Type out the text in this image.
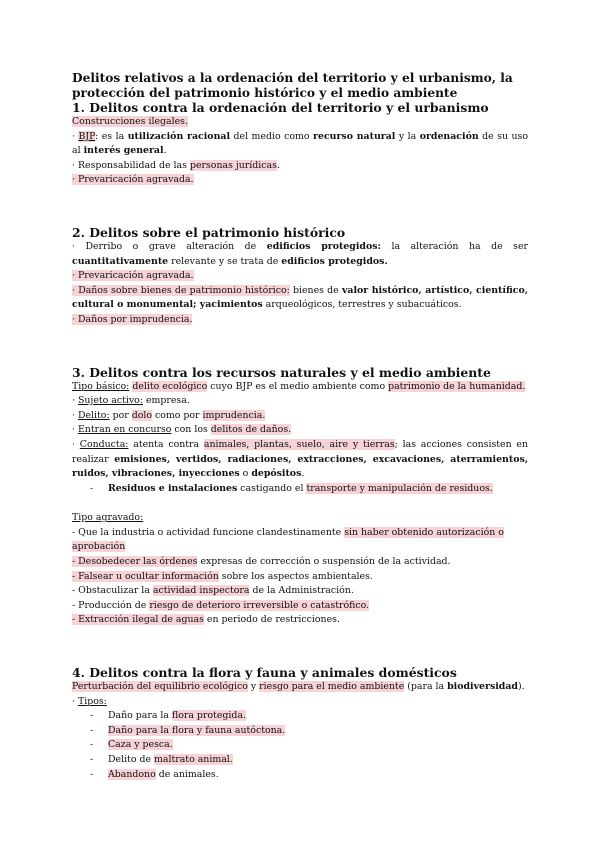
Delitos relativos a la ordenación del territorio y el urbanismo, la protección del patrimonio histórico y el medio ambiente

1. Delitos contra la ordenación del territorio y el urbanismo

Construcciones ilegales.

· BJP: es la utilización racional del medio como recurso natural y la ordenación de su uso al interés general.

· Responsabilidad de las personas jurídicas.

· Prevaricación agravada.

2. Delitos sobre el patrimonio histórico

· Derribo o grave alteración de edificios protegidos: la alteración ha de ser cuantitativamente relevante y se trata de edificios protegidos.

· Prevaricación agravada.

· Daños sobre bienes de patrimonio histórico: bienes de valor histórico, artístico, científico, cultural o monumental; yacimientos arqueológicos, terrestres y subacuáticos.

· Daños por imprudencia.

3. Delitos contra los recursos naturales y el medio ambiente

Tipo básico: delito ecológico cuyo BJP es el medio ambiente como patrimonio de la humanidad.

· Sujeto activo: empresa.

· Delito: por dolo como por imprudencia.

· Entran en concurso con los delitos de daños.

· Conducta: atenta contra animales, plantas, suelo, aire y tierras; las acciones consisten en realizar emisiones, vertidos, radiaciones, extracciones, excavaciones, aterramientos, ruidos, vibraciones, inyecciones o depósitos.

-	Residuos e instalaciones castigando el transporte y manipulación de residuos.

Tipo agravado:

- Que la industria o actividad funcione clandestinamente sin haber obtenido autorización o aprobación

- Desobedecer las órdenes expresas de corrección o suspensión de la actividad.

- Falsear u ocultar información sobre los aspectos ambientales.

- Obstaculizar la actividad inspectora de la Administración.

- Producción de riesgo de deterioro irreversible o catastrófico.

- Extracción ilegal de aguas en periodo de restricciones.

4. Delitos contra la flora y fauna y animales domésticos

Perturbación del equilibrio ecológico y riesgo para el medio ambiente (para la biodiversidad).

· Tipos:

-	Daño para la flora protegida.
-	Daño para la flora y fauna autóctona.
-	Caza y pesca.
-	Delito de maltrato animal.
-	Abandono de animales.
